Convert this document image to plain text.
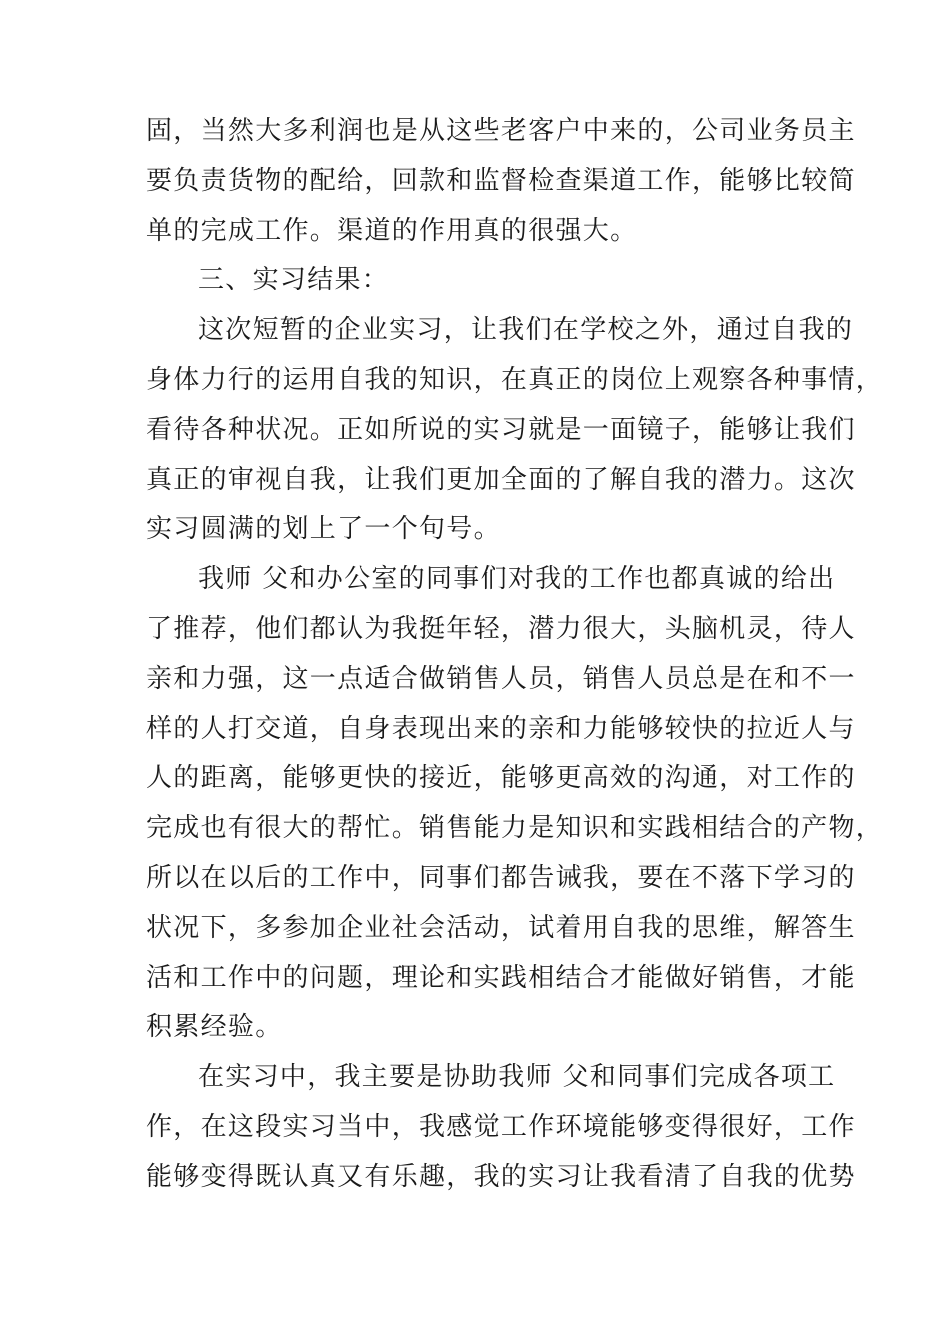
固，当然大多利润也是从这些老客户中来的，公司业务员主
要负责货物的配给，回款和监督检查渠道工作，能够比较简
单的完成工作。渠道的作用真的很强大。
三、实习结果：
这次短暂的企业实习，让我们在学校之外，通过自我的
身体力行的运用自我的知识，在真正的岗位上观察各种事情，
看待各种状况。正如所说的实习就是一面镜子，能够让我们
真正的审视自我，让我们更加全面的了解自我的潜力。这次
实习圆满的划上了一个句号。
我师 父和办公室的同事们对我的工作也都真诚的给出
了推荐，他们都认为我挺年轻，潜力很大，头脑机灵，待人
亲和力强，这一点适合做销售人员，销售人员总是在和不一
样的人打交道，自身表现出来的亲和力能够较快的拉近人与
人的距离，能够更快的接近，能够更高效的沟通，对工作的
完成也有很大的帮忙。销售能力是知识和实践相结合的产物，
所以在以后的工作中，同事们都告诫我，要在不落下学习的
状况下，多参加企业社会活动，试着用自我的思维，解答生
活和工作中的问题，理论和实践相结合才能做好销售，才能
积累经验。
在实习中，我主要是协助我师 父和同事们完成各项工
作，在这段实习当中，我感觉工作环境能够变得很好，工作
能够变得既认真又有乐趣，我的实习让我看清了自我的优势
